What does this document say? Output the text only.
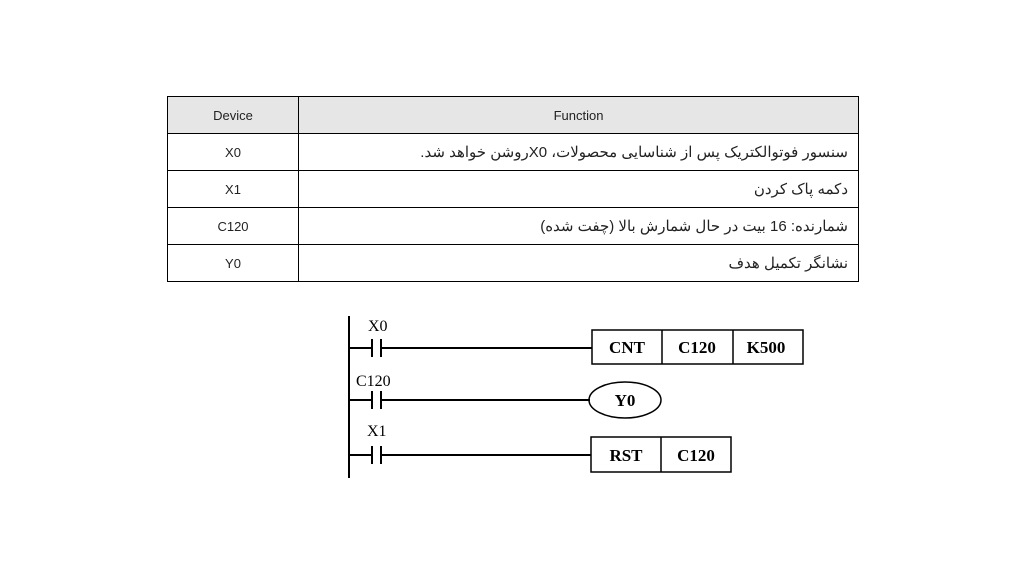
Device	Function
X0	سنسور فوتوالکتریک پس از شناسایی محصولات، X0روشن خواهد شد.
X1	دکمه پاک کردن
C120	شمارنده: 16 بیت در حال شمارش بالا (چفت شده)
Y0	نشانگر تکمیل هدف
X0
CNT C120 K500
C120
Y0
X1
RST C120
